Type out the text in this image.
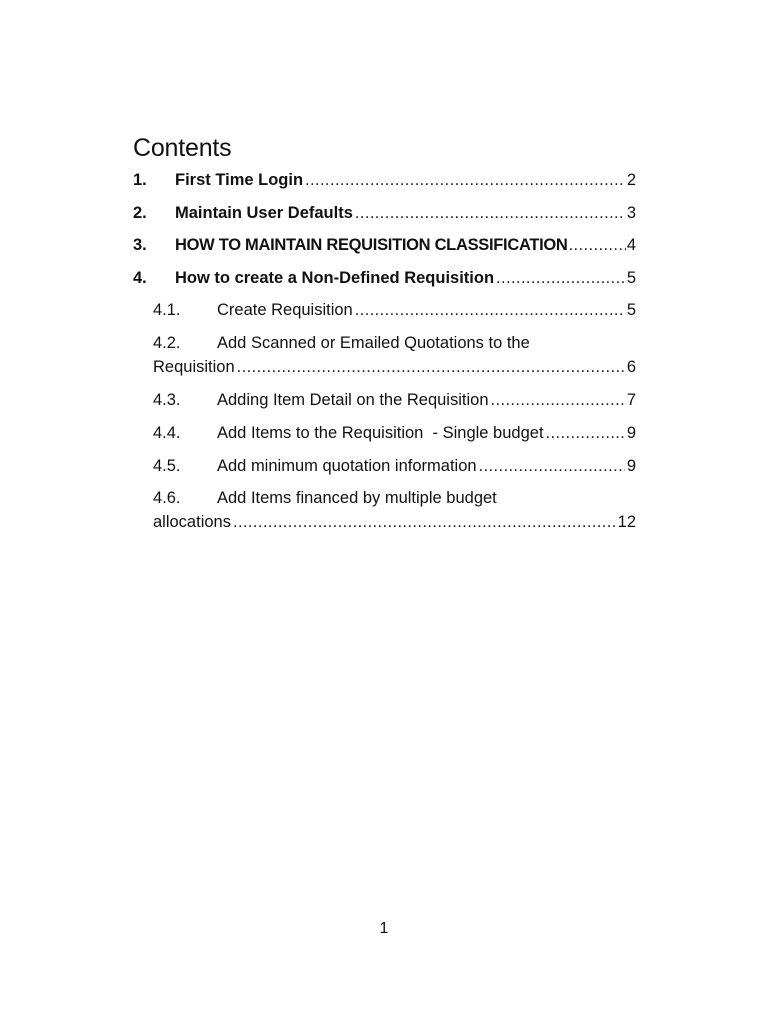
Contents
1.	First Time Login .....	2
2.	Maintain User Defaults .....	3
3.	HOW TO MAINTAIN REQUISITION CLASSIFICATION .....	4
4.	How to create a Non-Defined Requisition .....	5
4.1.	Create Requisition .....	5
4.2.	Add Scanned or Emailed Quotations to the
Requisition .....	6
4.3.	Adding Item Detail on the Requisition .....	7
4.4.	Add Items to the Requisition  - Single budget .....	9
4.5.	Add minimum quotation information .....	9
4.6.	Add Items financed by multiple budget
allocations .....	12
1
